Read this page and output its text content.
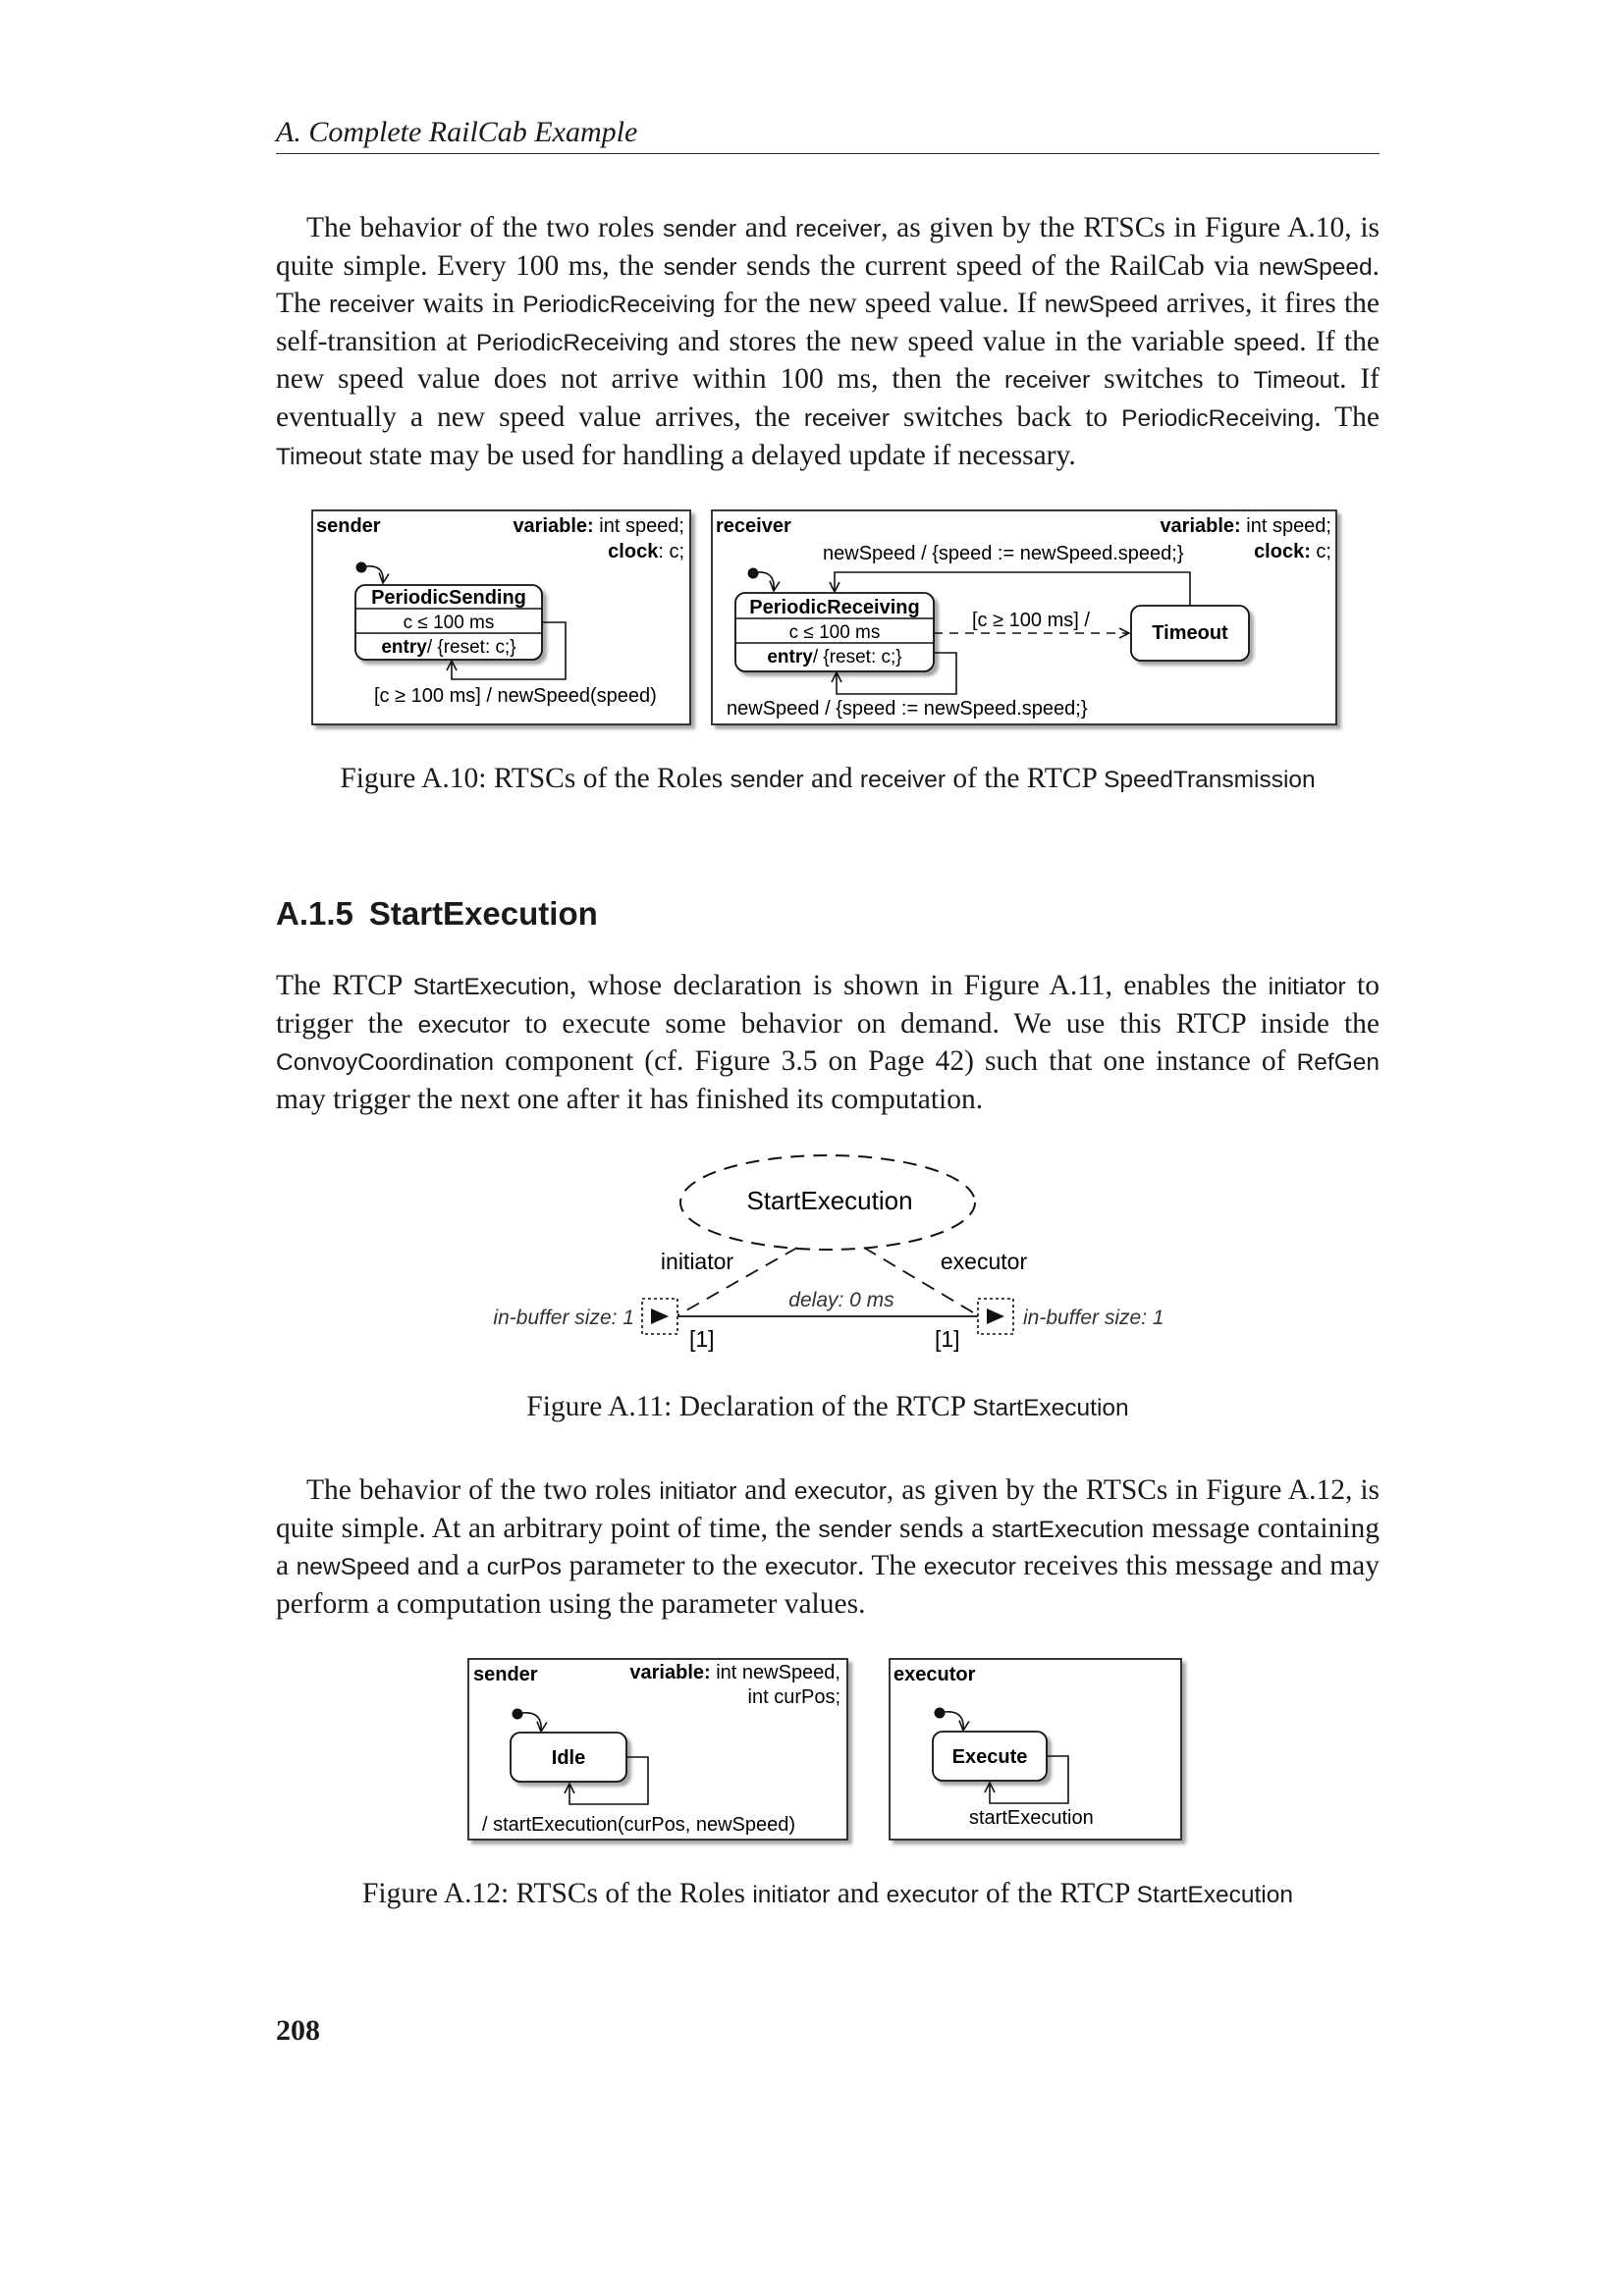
A. Complete RailCab Example

The behavior of the two roles sender and receiver, as given by the RTSCs in Figure A.10, is quite simple. Every 100 ms, the sender sends the current speed of the RailCab via newSpeed. The receiver waits in PeriodicReceiving for the new speed value. If newSpeed arrives, it fires the self-transition at PeriodicReceiving and stores the new speed value in the variable speed. If the new speed value does not arrive within 100 ms, then the receiver switches to Timeout. If eventually a new speed value arrives, the receiver switches back to PeriodicReceiving. The Timeout state may be used for handling a delayed update if necessary.

sender	variable: int speed;
clock: c;
PeriodicSending
c ≤ 100 ms
entry/ {reset: c;}
[c ≥ 100 ms] / newSpeed(speed)
receiver	variable: int speed;
clock: c;
newSpeed / {speed := newSpeed.speed;}
PeriodicReceiving
c ≤ 100 ms
entry/ {reset: c;}
Timeout
[c ≥ 100 ms] /
newSpeed / {speed := newSpeed.speed;}
StartExecution
initiator	executor
delay: 0 ms
in-buffer size: 1	in-buffer size: 1
[1]	[1]
sender	variable: int newSpeed,
int curPos;
Idle
/ startExecution(curPos, newSpeed)
executor
Execute
startExecution

Figure A.10: RTSCs of the Roles sender and receiver of the RTCP SpeedTransmission

A.1.5 StartExecution

The RTCP StartExecution, whose declaration is shown in Figure A.11, enables the initiator to trigger the executor to execute some behavior on demand. We use this RTCP inside the ConvoyCoordination component (cf. Figure 3.5 on Page 42) such that one instance of RefGen may trigger the next one after it has finished its computation.

Figure A.11: Declaration of the RTCP StartExecution

The behavior of the two roles initiator and executor, as given by the RTSCs in Figure A.12, is quite simple. At an arbitrary point of time, the sender sends a startExecution message containing a newSpeed and a curPos parameter to the executor. The executor receives this message and may perform a computation using the parameter values.

Figure A.12: RTSCs of the Roles initiator and executor of the RTCP StartExecution

208
